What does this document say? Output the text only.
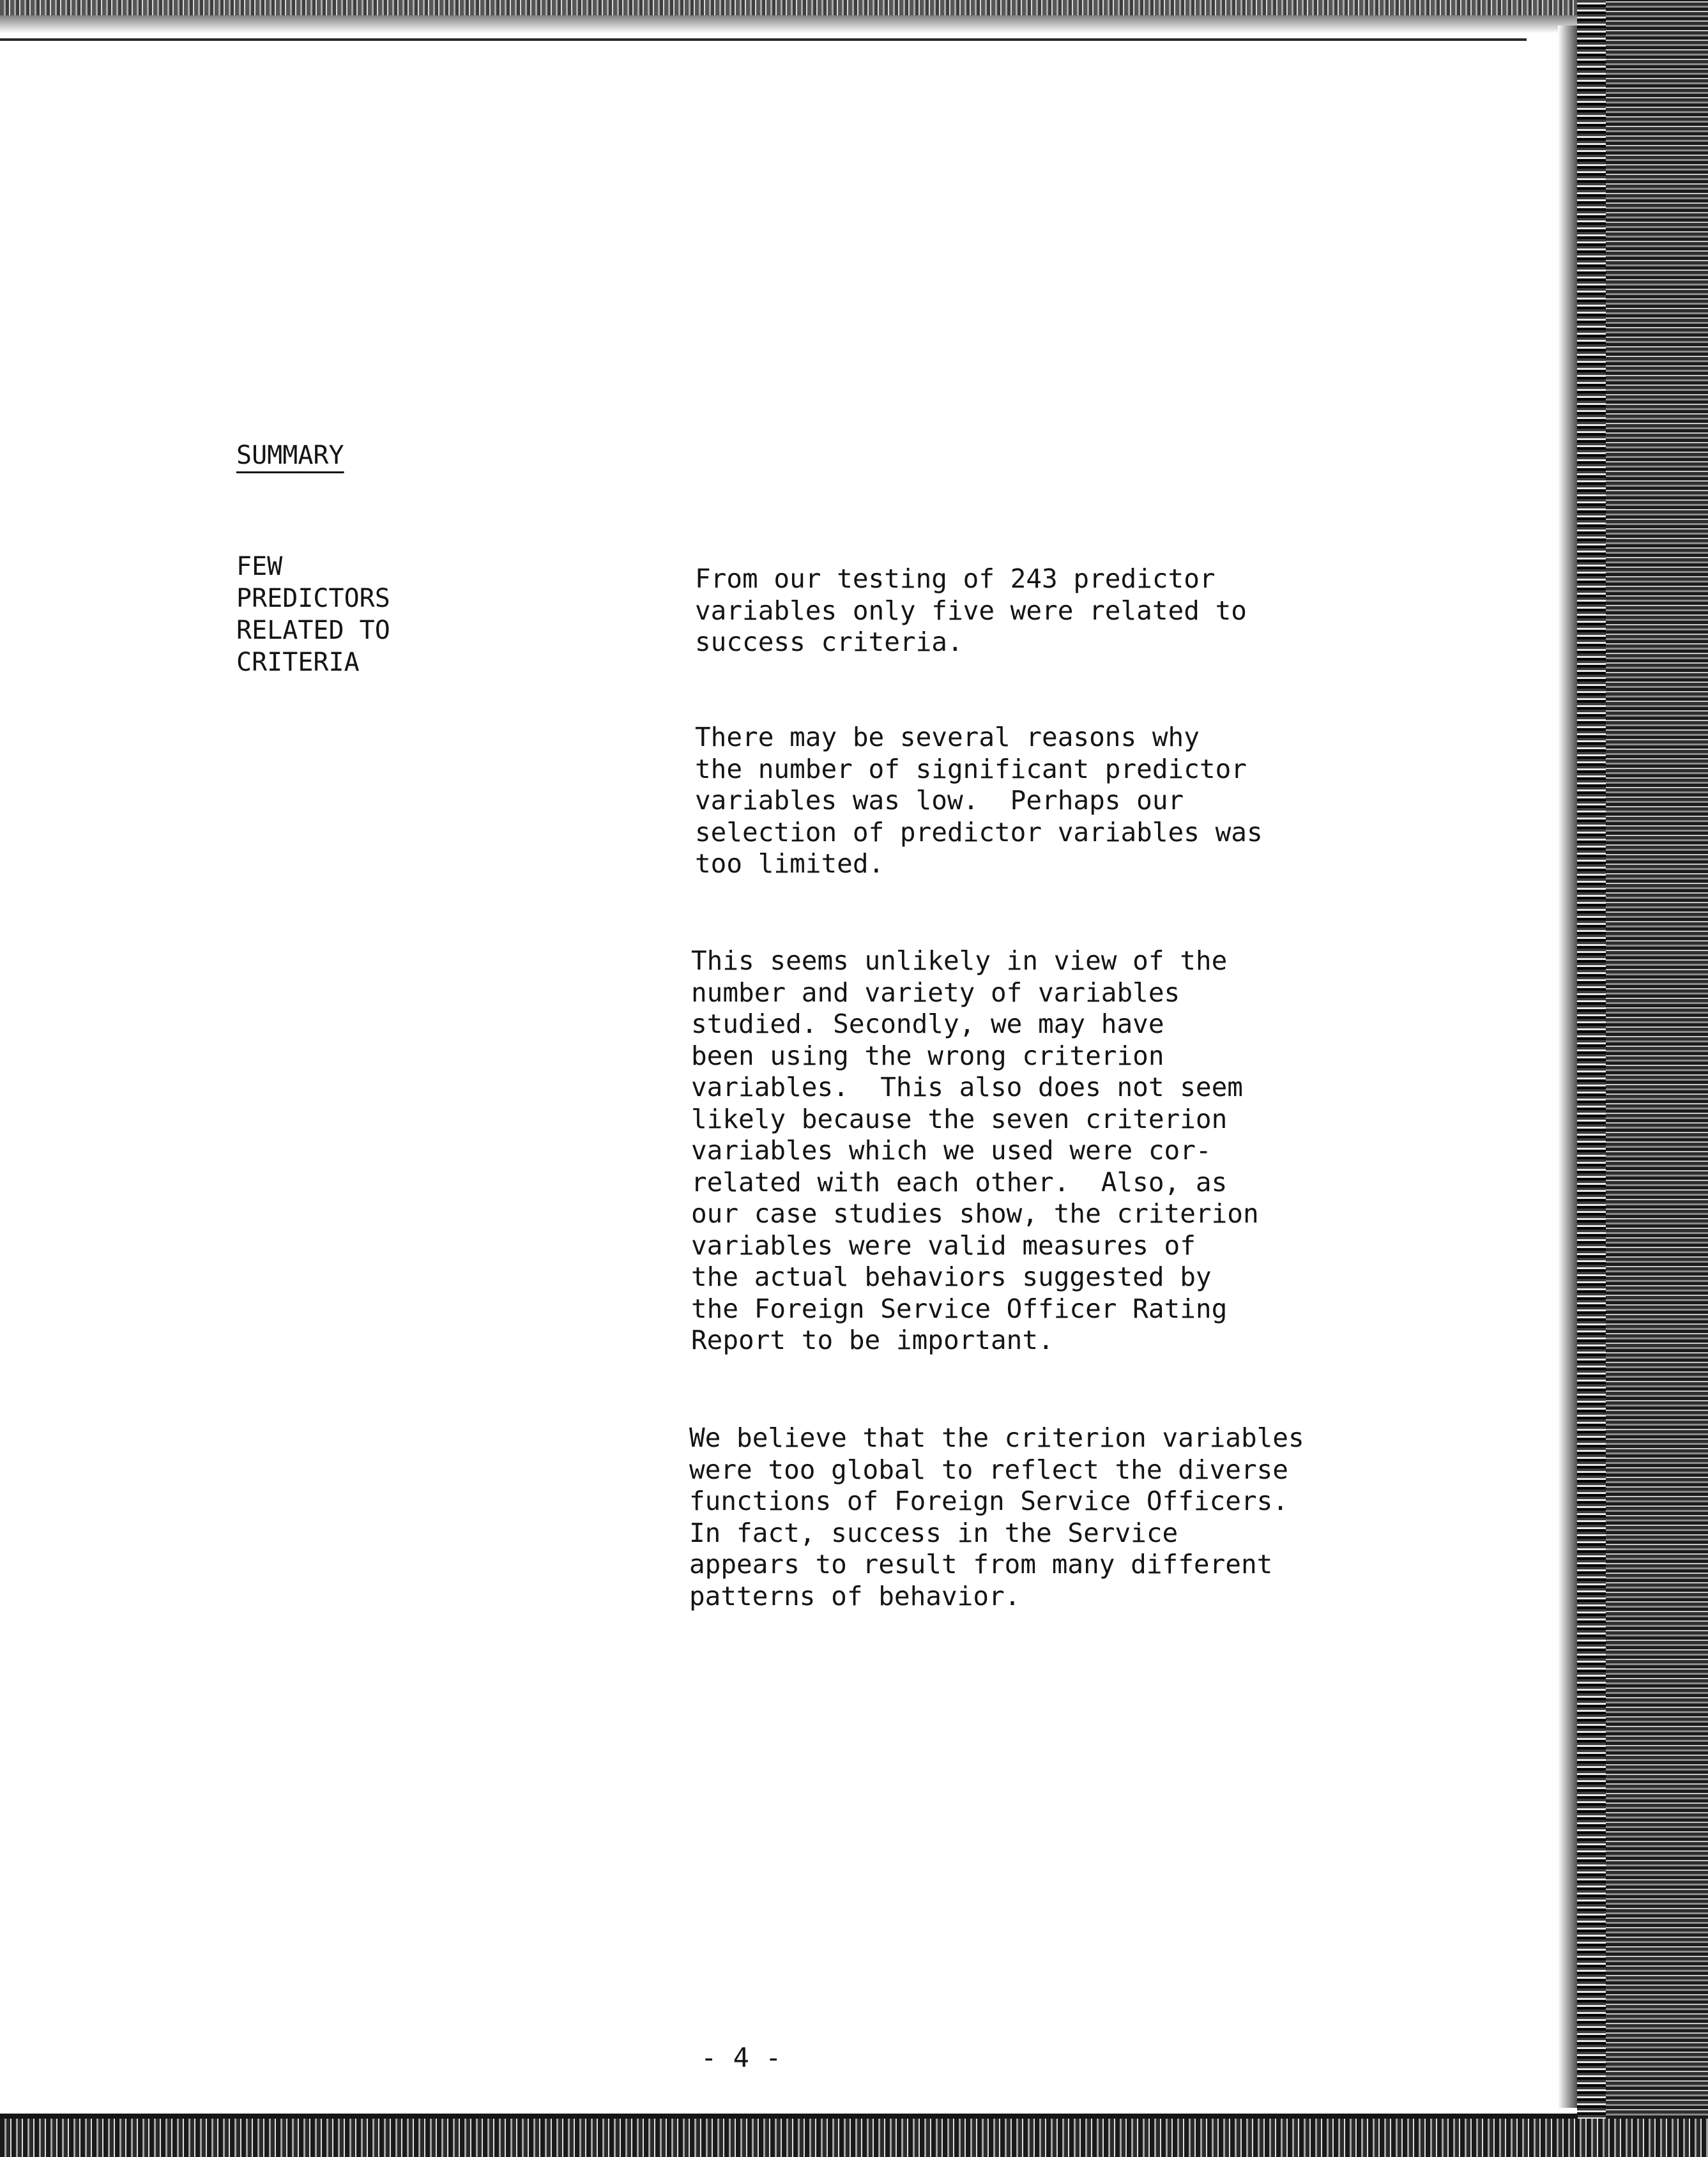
SUMMARY

FEW
PREDICTORS
RELATED TO
CRITERIA

From our testing of 243 predictor
variables only five were related to
success criteria.

There may be several reasons why
the number of significant predictor
variables was low.  Perhaps our
selection of predictor variables was
too limited.

This seems unlikely in view of the
number and variety of variables
studied. Secondly, we may have
been using the wrong criterion
variables.  This also does not seem
likely because the seven criterion
variables which we used were cor-
related with each other.  Also, as
our case studies show, the criterion
variables were valid measures of
the actual behaviors suggested by
the Foreign Service Officer Rating
Report to be important.

We believe that the criterion variables
were too global to reflect the diverse
functions of Foreign Service Officers.
In fact, success in the Service
appears to result from many different
patterns of behavior.

- 4 -
